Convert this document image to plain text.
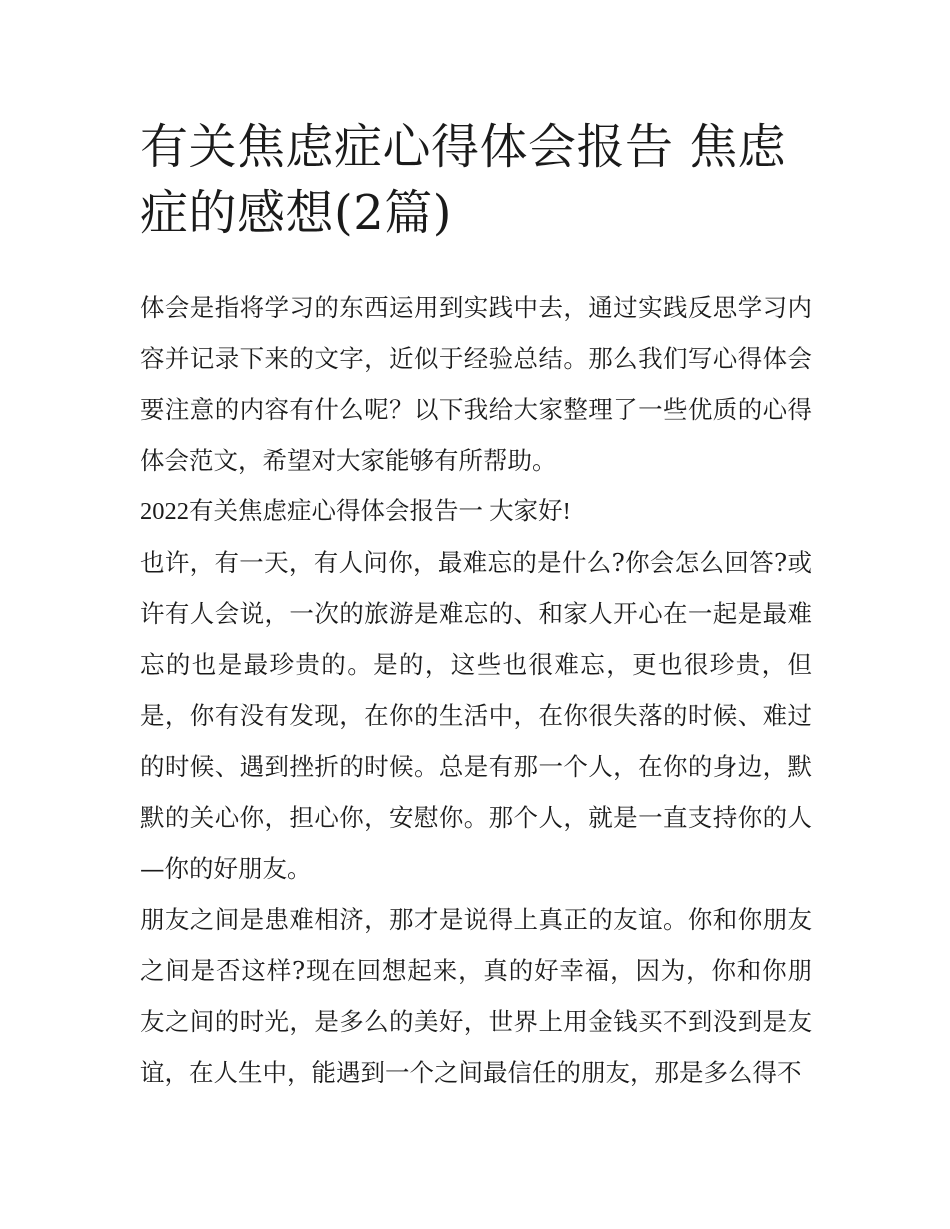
有关焦虑症心得体会报告 焦虑症的感想(2篇)

体会是指将学习的东西运用到实践中去，通过实践反思学习内容并记录下来的文字，近似于经验总结。那么我们写心得体会要注意的内容有什么呢？以下我给大家整理了一些优质的心得体会范文，希望对大家能够有所帮助。

2022有关焦虑症心得体会报告一 大家好!

也许，有一天，有人问你，最难忘的是什么?你会怎么回答?或许有人会说，一次的旅游是难忘的、和家人开心在一起是最难忘的也是最珍贵的。是的，这些也很难忘，更也很珍贵，但是，你有没有发现，在你的生活中，在你很失落的时候、难过的时候、遇到挫折的时候。总是有那一个人，在你的身边，默默的关心你，担心你，安慰你。那个人，就是一直支持你的人—你的好朋友。

朋友之间是患难相济，那才是说得上真正的友谊。你和你朋友之间是否这样?现在回想起来，真的好幸福，因为，你和你朋友之间的时光，是多么的美好，世界上用金钱买不到没到是友谊，在人生中，能遇到一个之间最信任的朋友，那是多么得不
